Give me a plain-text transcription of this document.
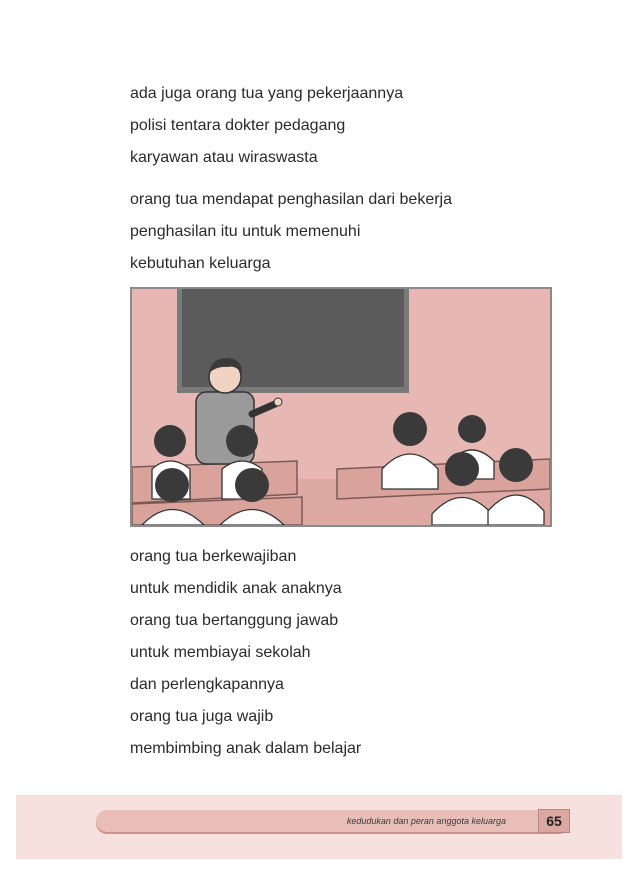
ada juga orang tua yang pekerjaannya
polisi tentara dokter pedagang
karyawan atau wiraswasta
orang tua mendapat penghasilan dari bekerja
penghasilan itu untuk memenuhi
kebutuhan keluarga
orang tua berkewajiban
untuk mendidik anak anaknya
orang tua bertanggung jawab
untuk membiayai sekolah
dan perlengkapannya
orang tua juga wajib
membimbing anak dalam belajar
kedudukan dan peran anggota keluarga	65
